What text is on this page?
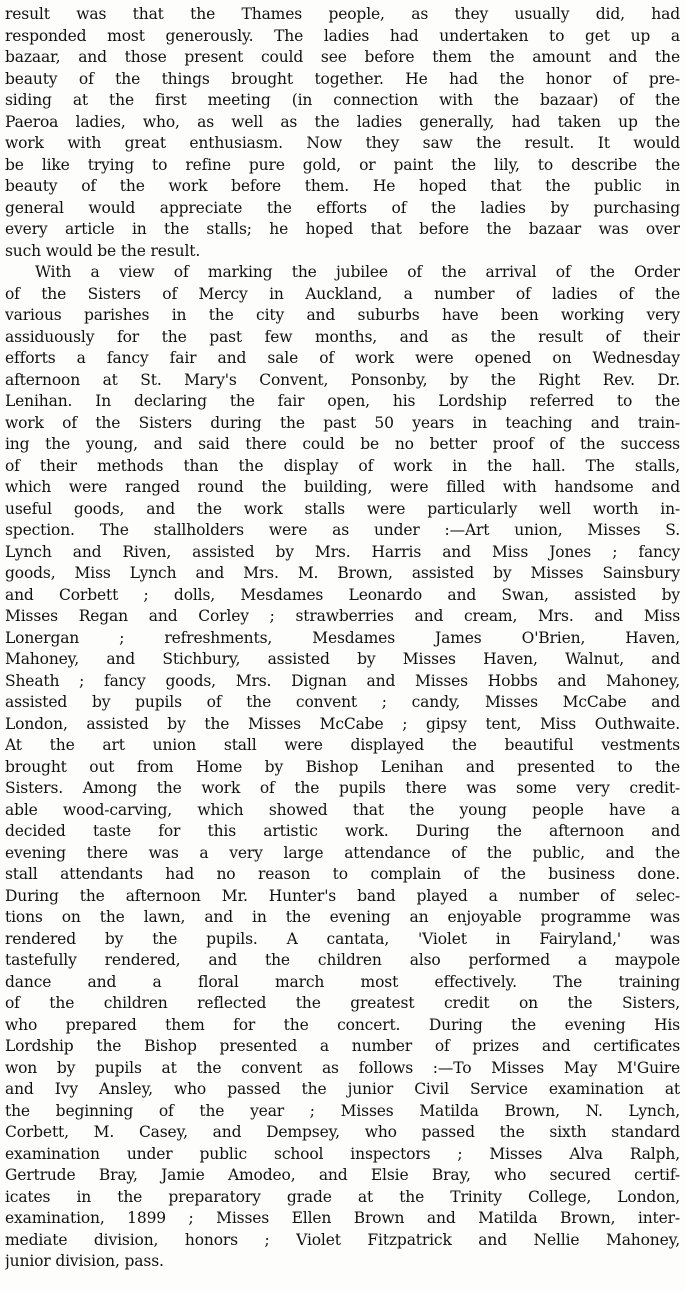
result was that the Thames people, as they usually did, had
responded most generously. The ladies had undertaken to get up a
bazaar, and those present could see before them the amount and the
beauty of the things brought together. He had the honor of pre-
siding at the first meeting (in connection with the bazaar) of the
Paeroa ladies, who, as well as the ladies generally, had taken up the
work with great enthusiasm. Now they saw the result. It would
be like trying to refine pure gold, or paint the lily, to describe the
beauty of the work before them. He hoped that the public in
general would appreciate the efforts of the ladies by purchasing
every article in the stalls; he hoped that before the bazaar was over
such would be the result.
With a view of marking the jubilee of the arrival of the Order
of the Sisters of Mercy in Auckland, a number of ladies of the
various parishes in the city and suburbs have been working very
assiduously for the past few months, and as the result of their
efforts a fancy fair and sale of work were opened on Wednesday
afternoon at St. Mary's Convent, Ponsonby, by the Right Rev. Dr.
Lenihan. In declaring the fair open, his Lordship referred to the
work of the Sisters during the past 50 years in teaching and train-
ing the young, and said there could be no better proof of the success
of their methods than the display of work in the hall. The stalls,
which were ranged round the building, were filled with handsome and
useful goods, and the work stalls were particularly well worth in-
spection. The stallholders were as under :—Art union, Misses S.
Lynch and Riven, assisted by Mrs. Harris and Miss Jones ; fancy
goods, Miss Lynch and Mrs. M. Brown, assisted by Misses Sainsbury
and Corbett ; dolls, Mesdames Leonardo and Swan, assisted by
Misses Regan and Corley ; strawberries and cream, Mrs. and Miss
Lonergan ; refreshments, Mesdames James O'Brien, Haven,
Mahoney, and Stichbury, assisted by Misses Haven, Walnut, and
Sheath ; fancy goods, Mrs. Dignan and Misses Hobbs and Mahoney,
assisted by pupils of the convent ; candy, Misses McCabe and
London, assisted by the Misses McCabe ; gipsy tent, Miss Outhwaite.
At the art union stall were displayed the beautiful vestments
brought out from Home by Bishop Lenihan and presented to the
Sisters. Among the work of the pupils there was some very credit-
able wood-carving, which showed that the young people have a
decided taste for this artistic work. During the afternoon and
evening there was a very large attendance of the public, and the
stall attendants had no reason to complain of the business done.
During the afternoon Mr. Hunter's band played a number of selec-
tions on the lawn, and in the evening an enjoyable programme was
rendered by the pupils. A cantata, 'Violet in Fairyland,' was
tastefully rendered, and the children also performed a maypole
dance and a floral march most effectively. The training
of the children reflected the greatest credit on the Sisters,
who prepared them for the concert. During the evening His
Lordship the Bishop presented a number of prizes and certificates
won by pupils at the convent as follows :—To Misses May M'Guire
and Ivy Ansley, who passed the junior Civil Service examination at
the beginning of the year ; Misses Matilda Brown, N. Lynch,
Corbett, M. Casey, and Dempsey, who passed the sixth standard
examination under public school inspectors ; Misses Alva Ralph,
Gertrude Bray, Jamie Amodeo, and Elsie Bray, who secured certif-
icates in the preparatory grade at the Trinity College, London,
examination, 1899 ; Misses Ellen Brown and Matilda Brown, inter-
mediate division, honors ; Violet Fitzpatrick and Nellie Mahoney,
junior division, pass.
